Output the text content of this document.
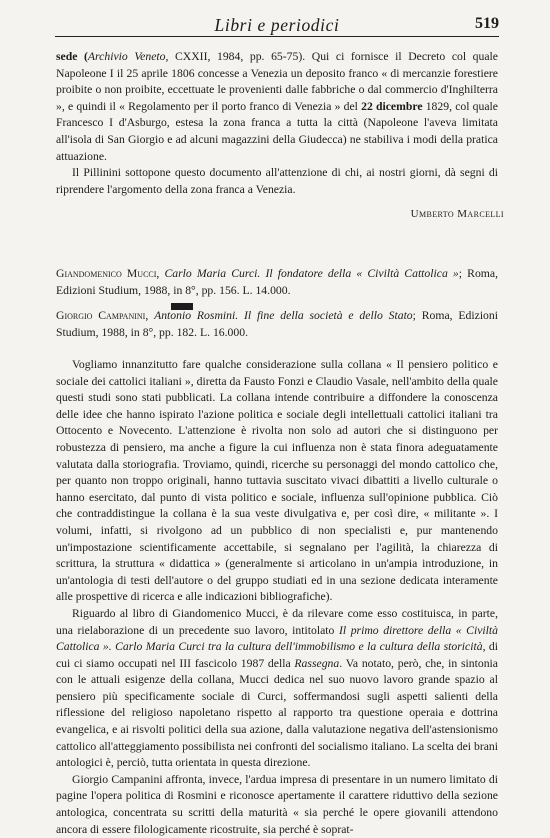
Libri e periodici	519

sede (Archivio Veneto, CXXII, 1984, pp. 65-75). Qui ci fornisce il Decreto col quale Napoleone I il 25 aprile 1806 concesse a Venezia un deposito franco « di mercanzie forestiere proibite o non proibite, eccettuate le provenienti dalle fabbriche o dal commercio d'Inghilterra », e quindi il « Regolamento per il porto franco di Venezia » del 22 dicembre 1829, col quale Francesco I d'Asburgo, estesa la zona franca a tutta la città (Napoleone l'aveva limitata all'isola di San Giorgio e ad alcuni magazzini della Giudecca) ne stabiliva i modi della pratica attuazione.

Il Pillinini sottopone questo documento all'attenzione di chi, ai nostri giorni, dà segni di riprendere l'argomento della zona franca a Venezia.

Umberto Marcelli

Giandomenico Mucci, Carlo Maria Curci. Il fondatore della « Civiltà Cattolica »; Roma, Edizioni Studium, 1988, in 8°, pp. 156. L. 14.000.

Giorgio Campanini, Antonio Rosmini. Il fine della società e dello Stato; Roma, Edizioni Studium, 1988, in 8°, pp. 182. L. 16.000.

Vogliamo innanzitutto fare qualche considerazione sulla collana « Il pensiero politico e sociale dei cattolici italiani », diretta da Fausto Fonzi e Claudio Vasale, nell'ambito della quale questi studi sono stati pubblicati. La collana intende contribuire a diffondere la conoscenza delle idee che hanno ispirato l'azione politica e sociale degli intellettuali cattolici italiani tra Ottocento e Novecento. L'attenzione è rivolta non solo ad autori che si distinguono per robustezza di pensiero, ma anche a figure la cui influenza non è stata finora adeguatamente valutata dalla storiografia. Troviamo, quindi, ricerche su personaggi del mondo cattolico che, per quanto non troppo originali, hanno tuttavia suscitato vivaci dibattiti a livello culturale o hanno esercitato, dal punto di vista politico e sociale, influenza sull'opinione pubblica. Ciò che contraddistingue la collana è la sua veste divulgativa e, per così dire, « militante ». I volumi, infatti, si rivolgono ad un pubblico di non specialisti e, pur mantenendo un'impostazione scientificamente accettabile, si segnalano per l'agilità, la chiarezza di scrittura, la struttura « didattica » (generalmente si articolano in un'ampia introduzione, in un'antologia di testi dell'autore o del gruppo studiati ed in una sezione dedicata interamente alle prospettive di ricerca e alle indicazioni bibliografiche).

Riguardo al libro di Giandomenico Mucci, è da rilevare come esso costituisca, in parte, una rielaborazione di un precedente suo lavoro, intitolato Il primo direttore della « Civiltà Cattolica ». Carlo Maria Curci tra la cultura dell'immobilismo e la cultura della storicità, di cui ci siamo occupati nel III fascicolo 1987 della Rassegna. Va notato, però, che, in sintonia con le attuali esigenze della collana, Mucci dedica nel suo nuovo lavoro grande spazio al pensiero più specificamente sociale di Curci, soffermandosi sugli aspetti salienti della riflessione del religioso napoletano rispetto al rapporto tra questione operaia e dottrina evangelica, e ai risvolti politici della sua azione, dalla valutazione negativa dell'astensionismo cattolico all'atteggiamento possibilista nei confronti del socialismo italiano. La scelta dei brani antologici è, perciò, tutta orientata in questa direzione.

Giorgio Campanini affronta, invece, l'ardua impresa di presentare in un numero limitato di pagine l'opera politica di Rosmini e riconosce apertamente il carattere riduttivo della sezione antologica, concentrata su scritti della maturità « sia perché le opere giovanili attendono ancora di essere filologicamente ricostruite, sia perché è soprat-
